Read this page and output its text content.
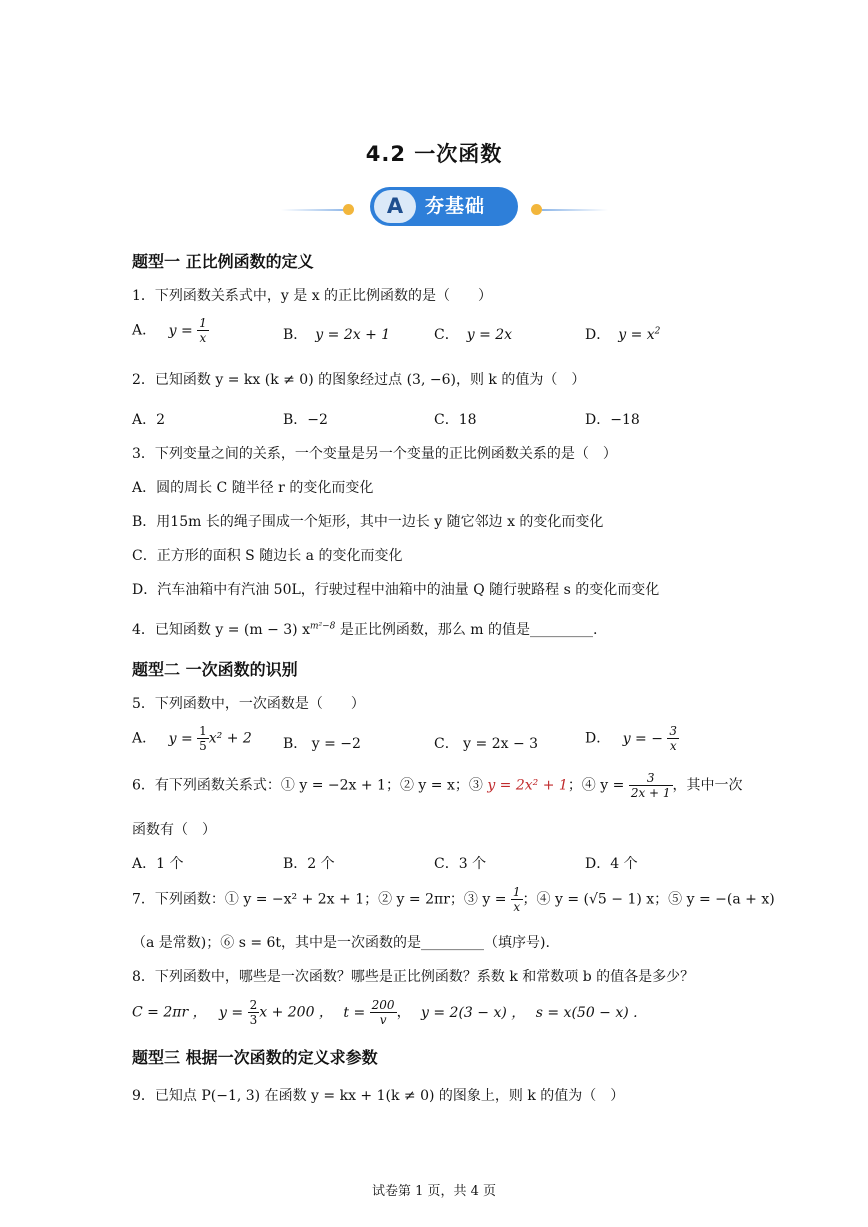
4.2 一次函数
A	夯基础
题型一 正比例函数的定义
1．下列函数关系式中，y 是 x 的正比例函数的是（　　）
A． $y = \frac{1}{x}$	B． y = 2x + 1	C． y = 2x	D． $y = x^2$
2．已知函数 y = kx (k ≠ 0) 的图象经过点 (3, −6)，则 k 的值为（　）
A．2	B．−2	C．18	D．−18
3．下列变量之间的关系，一个变量是另一个变量的正比例函数关系的是（　）
A．圆的周长 C 随半径 r 的变化而变化
B．用15m 长的绳子围成一个矩形，其中一边长 y 随它邻边 x 的变化而变化
C．正方形的面积 S 随边长 a 的变化而变化
D．汽车油箱中有汽油 50L，行驶过程中油箱中的油量 Q 随行驶路程 s 的变化而变化
4．已知函数 y = (m − 3) $x^{m^2-8}$ 是正比例函数，那么 m 的值是_________.
题型二 一次函数的识别
5．下列函数中，一次函数是（　　）
A． $y = \frac{1}{5} x^2 + 2$ B． y = −2	C． y = 2x − 3	D． y = − $\frac{3}{x}$
6．有下列函数关系式：① y = −2x + 1；② y = x；③ y = 2x² + 1；④ $y = \frac{3}{2x + 1}$ ，其中一次
函数有（　）
A．1 个	B．2 个	C．3 个	D．4 个
7．下列函数：① y = −x² + 2x + 1；② y = 2πr；③ $y = \frac{1}{x}$ ；④ y = (√5 − 1) x；⑤ y = −(a + x)
（a 是常数)；⑥ s = 6t，其中是一次函数的是_________（填序号).
8．下列函数中，哪些是一次函数？哪些是正比例函数？系数 k 和常数项 b 的值各是多少？
C = 2πr ， $y = \frac{2}{3}$ x + 200 ， $t = \frac{200}{v}$ ， y = 2(3 − x) ， s = x(50 − x) .
题型三 根据一次函数的定义求参数
9．已知点 P(−1, 3) 在函数 y = kx + 1(k ≠ 0) 的图象上，则 k 的值为（　）
试卷第 1 页，共 4 页
